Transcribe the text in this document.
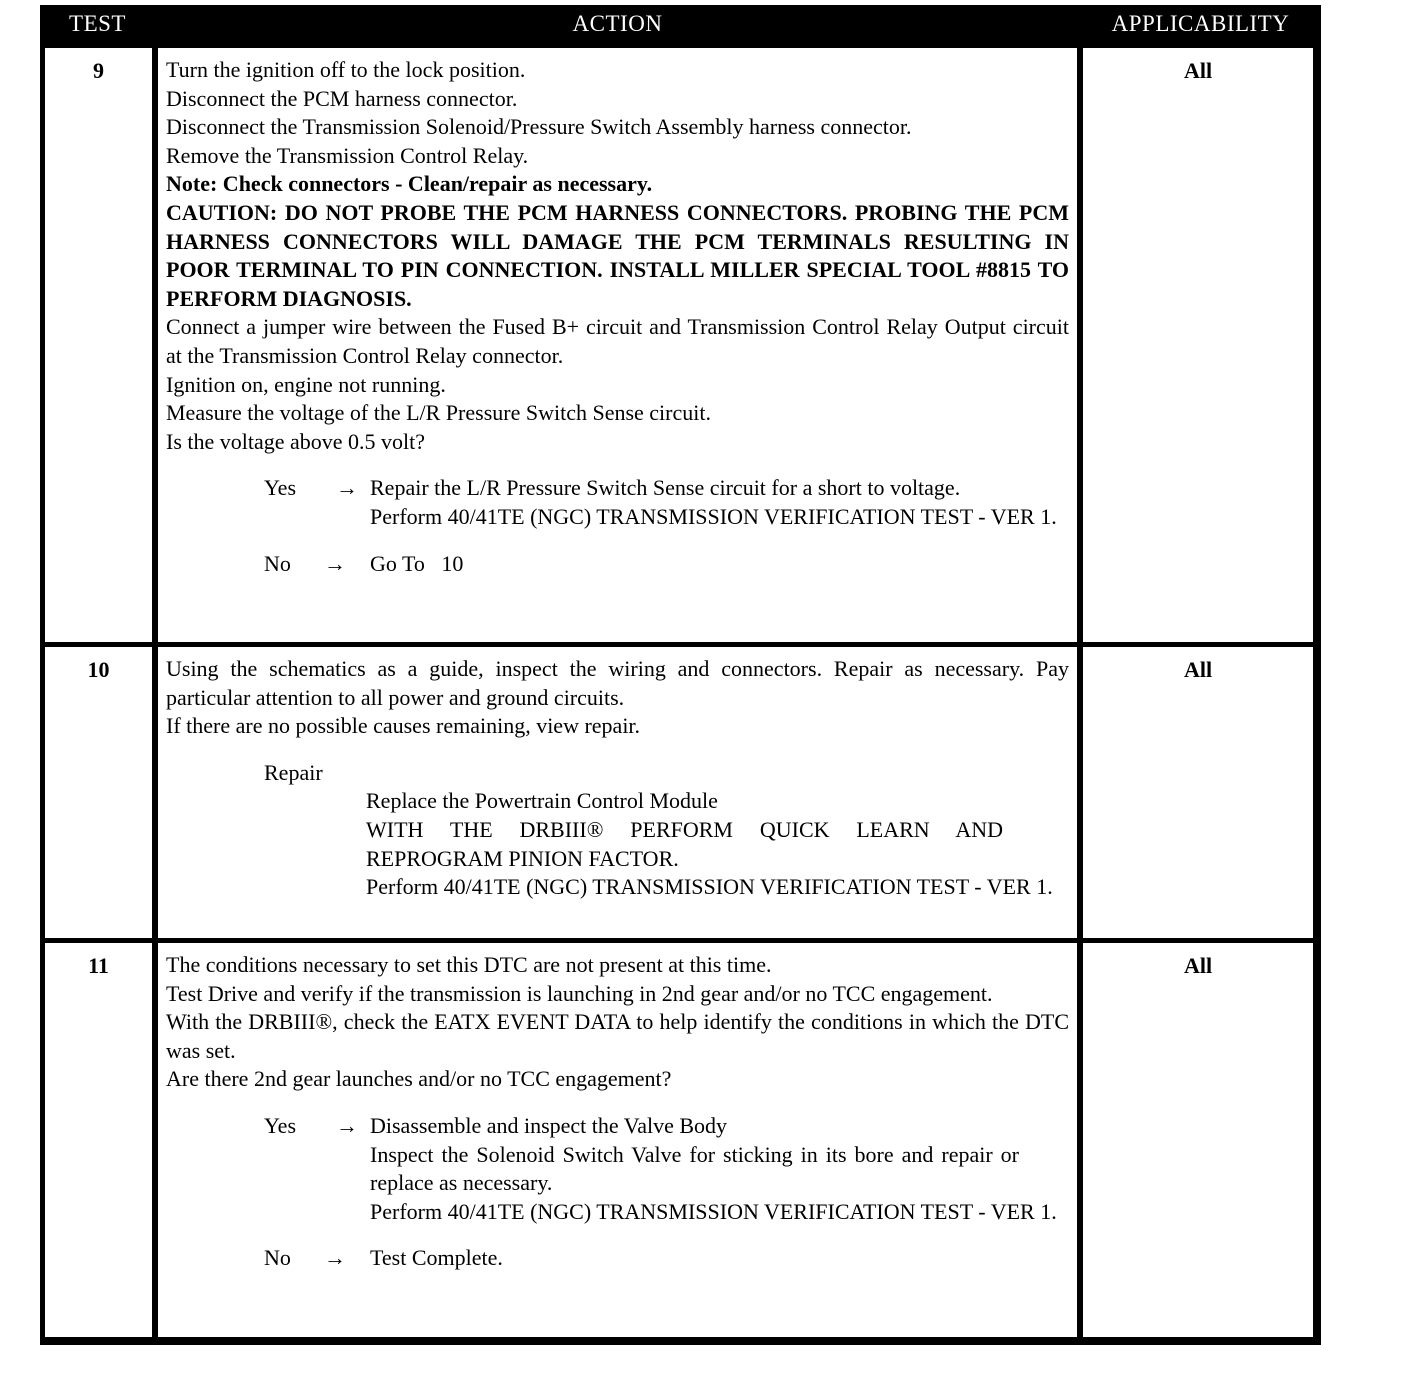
TEST	ACTION	APPLICABILITY
9	Turn the ignition off to the lock position.

Disconnect the PCM harness connector.

Disconnect the Transmission Solenoid/Pressure Switch Assembly harness connector.

Remove the Transmission Control Relay.

Note: Check connectors - Clean/repair as necessary.

CAUTION: DO NOT PROBE THE PCM HARNESS CONNECTORS. PROBING THE PCM HARNESS CONNECTORS WILL DAMAGE THE PCM TERMINALS RESULTING IN POOR TERMINAL TO PIN CONNECTION. INSTALL MILLER SPECIAL TOOL #8815 TO PERFORM DIAGNOSIS.

Connect a jumper wire between the Fused B+ circuit and Transmission Control Relay Output circuit at the Transmission Control Relay connector.

Ignition on, engine not running.

Measure the voltage of the L/R Pressure Switch Sense circuit.

Is the voltage above 0.5 volt?

Yes	→ Repair the L/R Pressure Switch Sense circuit for a short to voltage.

Perform 40/41TE (NGC) TRANSMISSION VERIFICATION TEST - VER 1.

No	→	Go To   10
All
10	Using the schematics as a guide, inspect the wiring and connectors. Repair as necessary. Pay particular attention to all power and ground circuits.

If there are no possible causes remaining, view repair.

Repair

Replace the Powertrain Control Module

WITH THE DRBIII® PERFORM QUICK LEARN AND REPROGRAM PINION FACTOR.

Perform 40/41TE (NGC) TRANSMISSION VERIFICATION TEST - VER 1.

All
11	The conditions necessary to set this DTC are not present at this time.

Test Drive and verify if the transmission is launching in 2nd gear and/or no TCC engagement.

With the DRBIII®, check the EATX EVENT DATA to help identify the conditions in which the DTC was set.

Are there 2nd gear launches and/or no TCC engagement?

Yes	→ Disassemble and inspect the Valve Body

Inspect the Solenoid Switch Valve for sticking in its bore and repair or replace as necessary.

Perform 40/41TE (NGC) TRANSMISSION VERIFICATION TEST - VER 1.

No	→	Test Complete.
All
